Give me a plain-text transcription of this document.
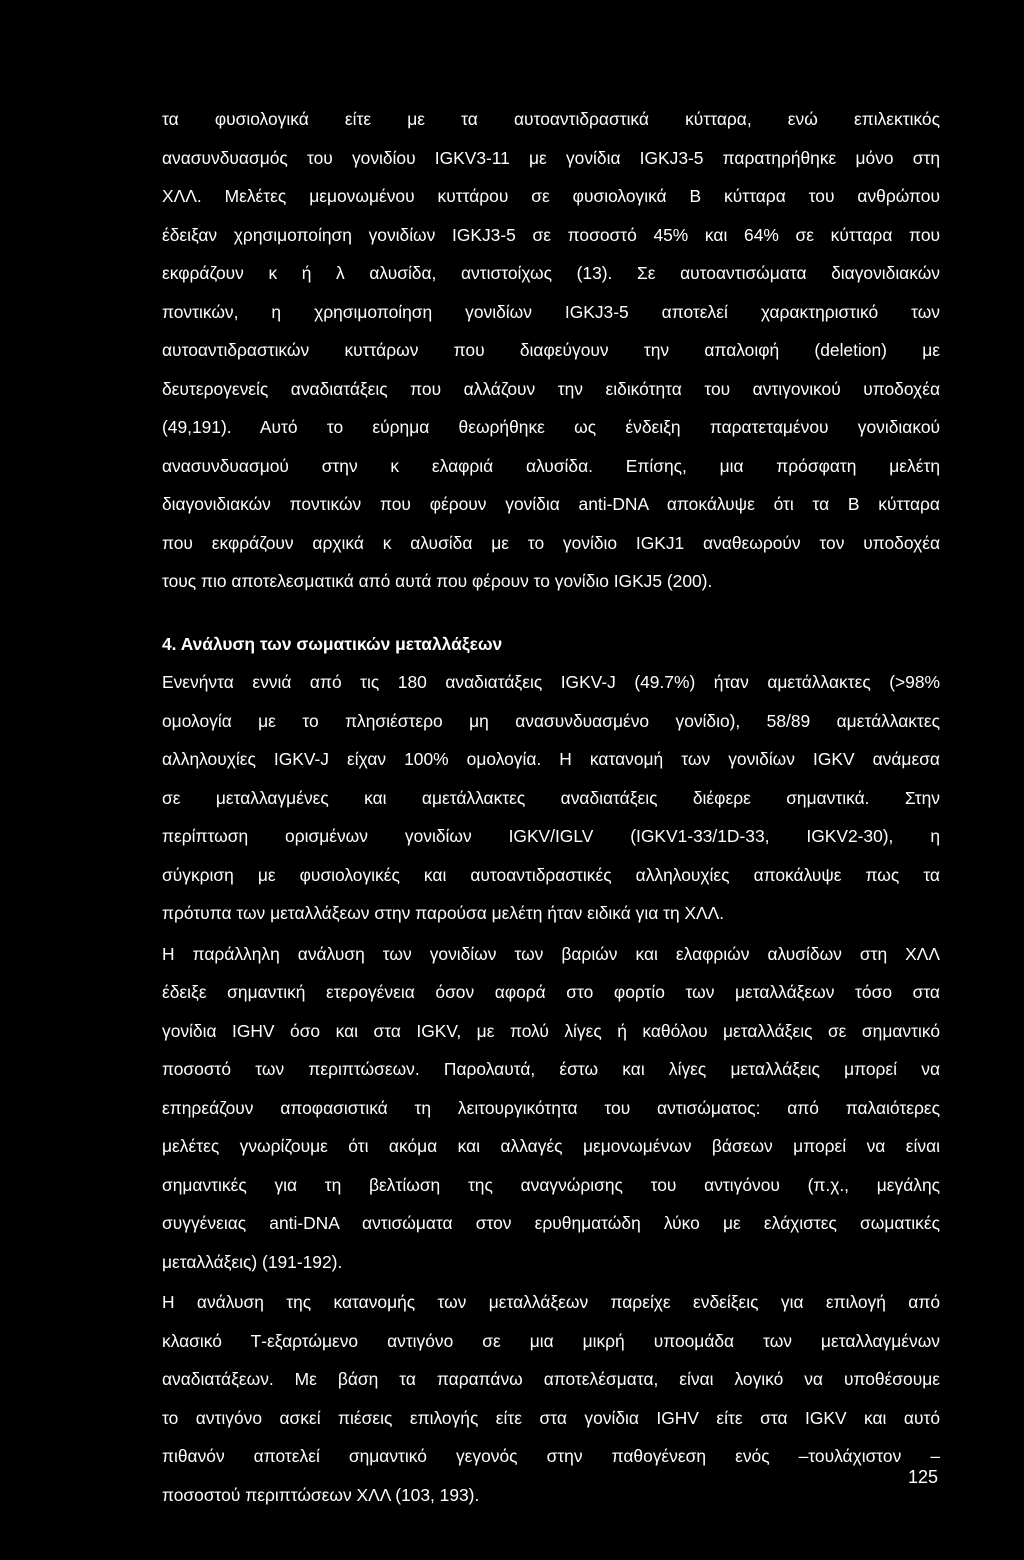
τα φυσιολογικά είτε με τα αυτοαντιδραστικά κύτταρα, ενώ επιλεκτικός
ανασυνδυασμός του γονιδίου IGKV3-11 με γονίδια IGKJ3-5 παρατηρήθηκε μόνο στη
ΧΛΛ. Μελέτες μεμονωμένου κυττάρου σε φυσιολογικά Β κύτταρα του ανθρώπου
έδειξαν χρησιμοποίηση γονιδίων IGKJ3-5 σε ποσοστό 45% και 64% σε κύτταρα που
εκφράζουν κ ή λ αλυσίδα, αντιστοίχως (13). Σε αυτοαντισώματα διαγονιδιακών
ποντικών, η χρησιμοποίηση γονιδίων IGKJ3-5 αποτελεί χαρακτηριστικό των
αυτοαντιδραστικών κυττάρων που διαφεύγουν την απαλοιφή (deletion) με
δευτερογενείς αναδιατάξεις που αλλάζουν την ειδικότητα του αντιγονικού υποδοχέα
(49,191). Αυτό το εύρημα θεωρήθηκε ως ένδειξη παρατεταμένου γονιδιακού
ανασυνδυασμού στην κ ελαφριά αλυσίδα. Επίσης, μια πρόσφατη μελέτη
διαγονιδιακών ποντικών που φέρουν γονίδια anti-DNA αποκάλυψε ότι τα Β κύτταρα
που εκφράζουν αρχικά κ αλυσίδα με το γονίδιο IGKJ1 αναθεωρούν τον υποδοχέα
τους πιο αποτελεσματικά από αυτά που φέρουν το γονίδιο IGKJ5 (200).
4. Ανάλυση των σωματικών μεταλλάξεων
Ενενήντα εννιά από τις 180 αναδιατάξεις IGKV-J (49.7%) ήταν αμετάλλακτες (>98%
ομολογία με το πλησιέστερο μη ανασυνδυασμένο γονίδιο), 58/89 αμετάλλακτες
αλληλουχίες IGKV-J είχαν 100% ομολογία. Η κατανομή των γονιδίων IGKV ανάμεσα
σε μεταλλαγμένες και αμετάλλακτες αναδιατάξεις διέφερε σημαντικά. Στην
περίπτωση ορισμένων γονιδίων IGKV/IGLV (IGKV1-33/1D-33, IGKV2-30), η
σύγκριση με φυσιολογικές και αυτοαντιδραστικές αλληλουχίες αποκάλυψε πως τα
πρότυπα των μεταλλάξεων στην παρούσα μελέτη ήταν ειδικά για τη ΧΛΛ.
Η παράλληλη ανάλυση των γονιδίων των βαριών και ελαφριών αλυσίδων στη ΧΛΛ
έδειξε σημαντική ετερογένεια όσον αφορά στο φορτίο των μεταλλάξεων τόσο στα
γονίδια IGHV όσο και στα IGKV, με πολύ λίγες ή καθόλου μεταλλάξεις σε σημαντικό
ποσοστό των περιπτώσεων. Παρολαυτά, έστω και λίγες μεταλλάξεις μπορεί να
επηρεάζουν αποφασιστικά τη λειτουργικότητα του αντισώματος: από παλαιότερες
μελέτες γνωρίζουμε ότι ακόμα και αλλαγές μεμονωμένων βάσεων μπορεί να είναι
σημαντικές για τη βελτίωση της αναγνώρισης του αντιγόνου (π.χ., μεγάλης
συγγένειας anti-DNA αντισώματα στον ερυθηματώδη λύκο με ελάχιστες σωματικές
μεταλλάξεις) (191-192).
Η ανάλυση της κατανομής των μεταλλάξεων παρείχε ενδείξεις για επιλογή από
κλασικό Τ-εξαρτώμενο αντιγόνο σε μια μικρή υποομάδα των μεταλλαγμένων
αναδιατάξεων. Με βάση τα παραπάνω αποτελέσματα, είναι λογικό να υποθέσουμε
το αντιγόνο ασκεί πιέσεις επιλογής είτε στα γονίδια IGHV είτε στα IGKV και αυτό
πιθανόν αποτελεί σημαντικό γεγονός στην παθογένεση ενός –τουλάχιστον –
ποσοστού περιπτώσεων ΧΛΛ (103, 193).
125
